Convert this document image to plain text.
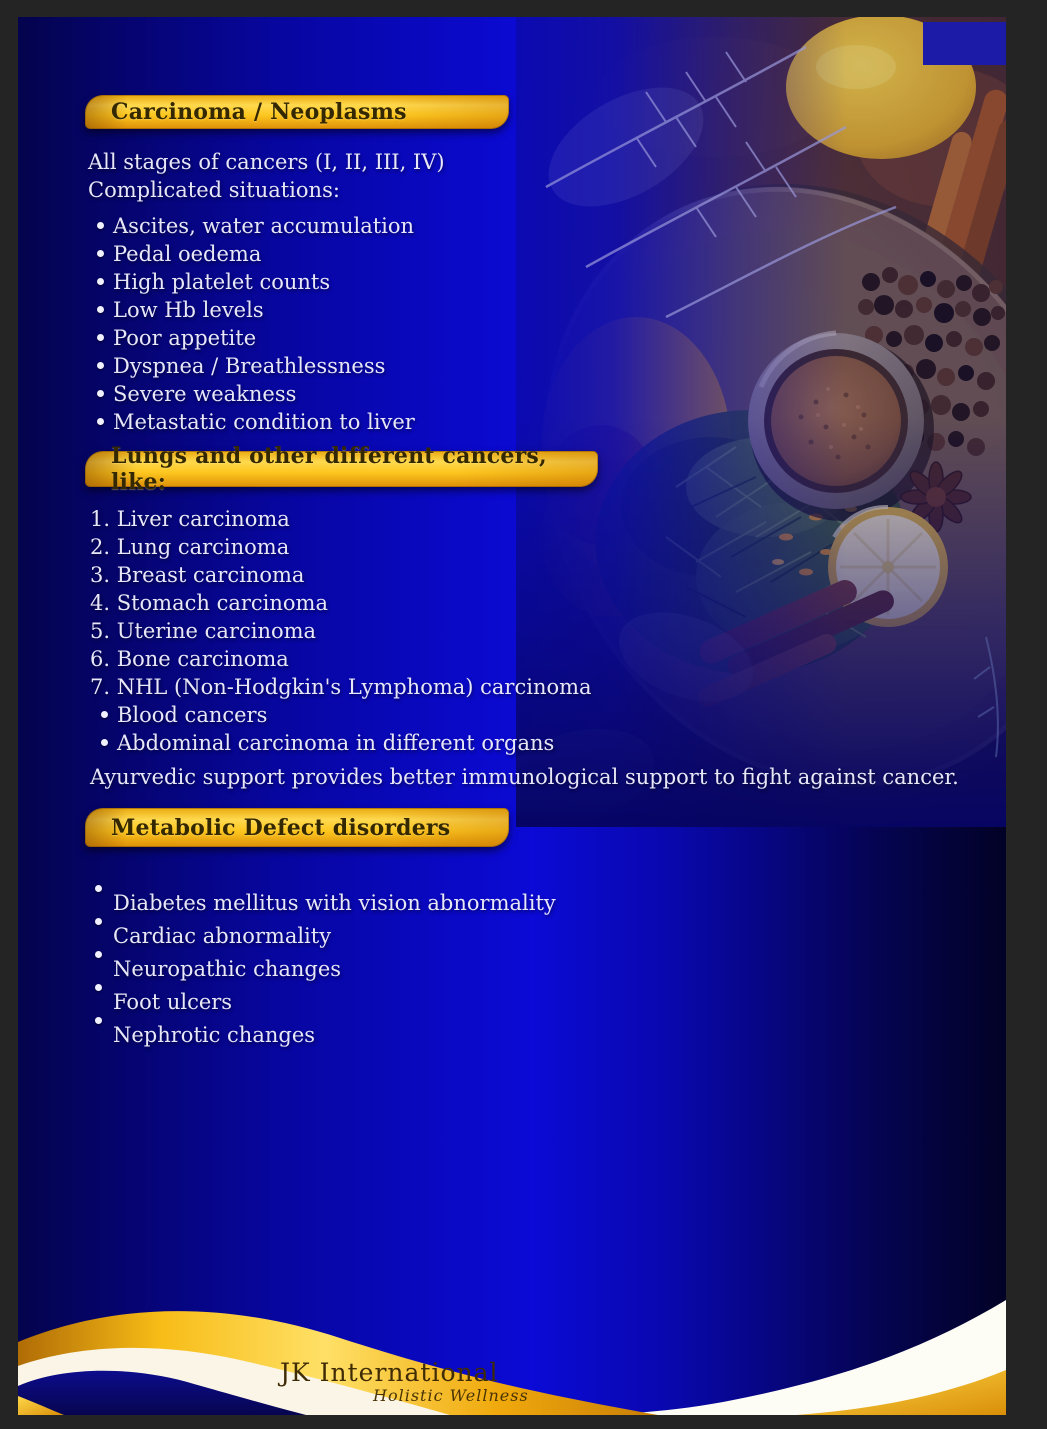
Carcinoma / Neoplasms
All stages of cancers (I, II, III, IV)
Complicated situations:
Ascites, water accumulation
Pedal oedema
High platelet counts
Low Hb levels
Poor appetite
Dyspnea / Breathlessness
Severe weakness
Metastatic condition to liver
Lungs and other different cancers, like:
1. Liver carcinoma
2. Lung carcinoma
3. Breast carcinoma
4. Stomach carcinoma
5. Uterine carcinoma
6. Bone carcinoma
7. NHL (Non-Hodgkin's Lymphoma) carcinoma
Blood cancers
Abdominal carcinoma in different organs
Ayurvedic support provides better immunological support to fight against cancer.
Metabolic Defect disorders
Diabetes mellitus with vision abnormality
Cardiac abnormality
Neuropathic changes
Foot ulcers
Nephrotic changes
JK International
Holistic Wellness
